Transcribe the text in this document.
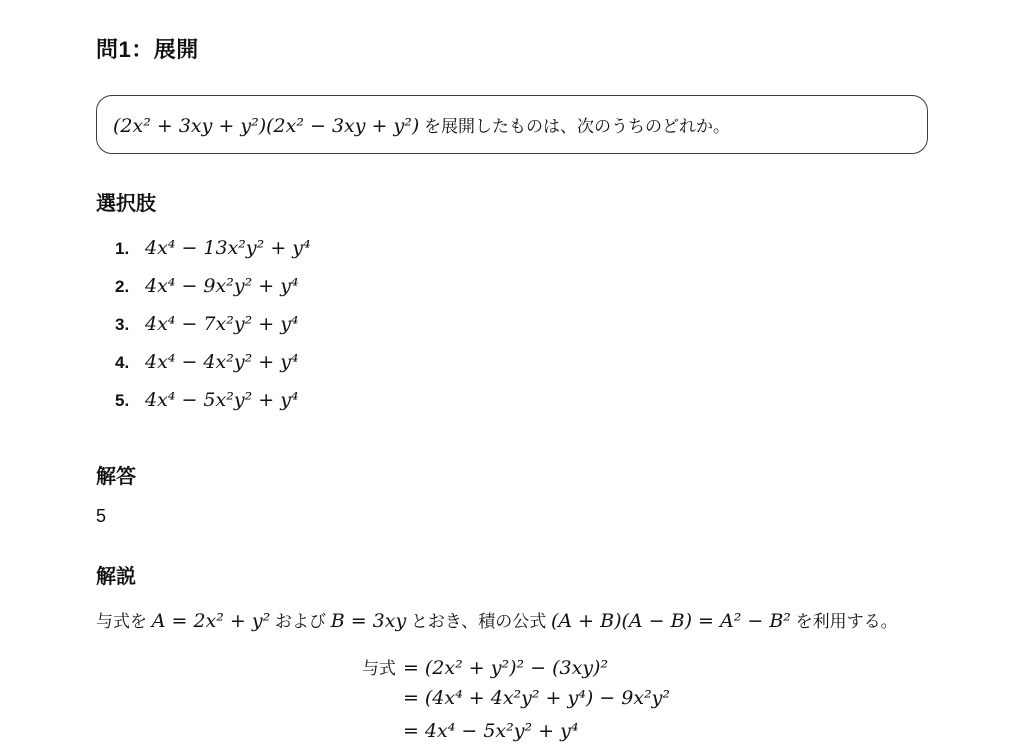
問1：展開
(2x² + 3xy + y²)(2x² − 3xy + y²) を展開したものは、次のうちのどれか。
選択肢
1. 4x⁴ − 13x²y² + y⁴
2. 4x⁴ − 9x²y² + y⁴
3. 4x⁴ − 7x²y² + y⁴
4. 4x⁴ − 4x²y² + y⁴
5. 4x⁴ − 5x²y² + y⁴
解答
5
解説

与式を A = 2x² + y² および B = 3xy とおき、積の公式 (A + B)(A − B) = A² − B² を利用する。

与式 = (2x² + y²)² − (3xy)²
= (4x⁴ + 4x²y² + y⁴) − 9x²y²
= 4x⁴ − 5x²y² + y⁴
